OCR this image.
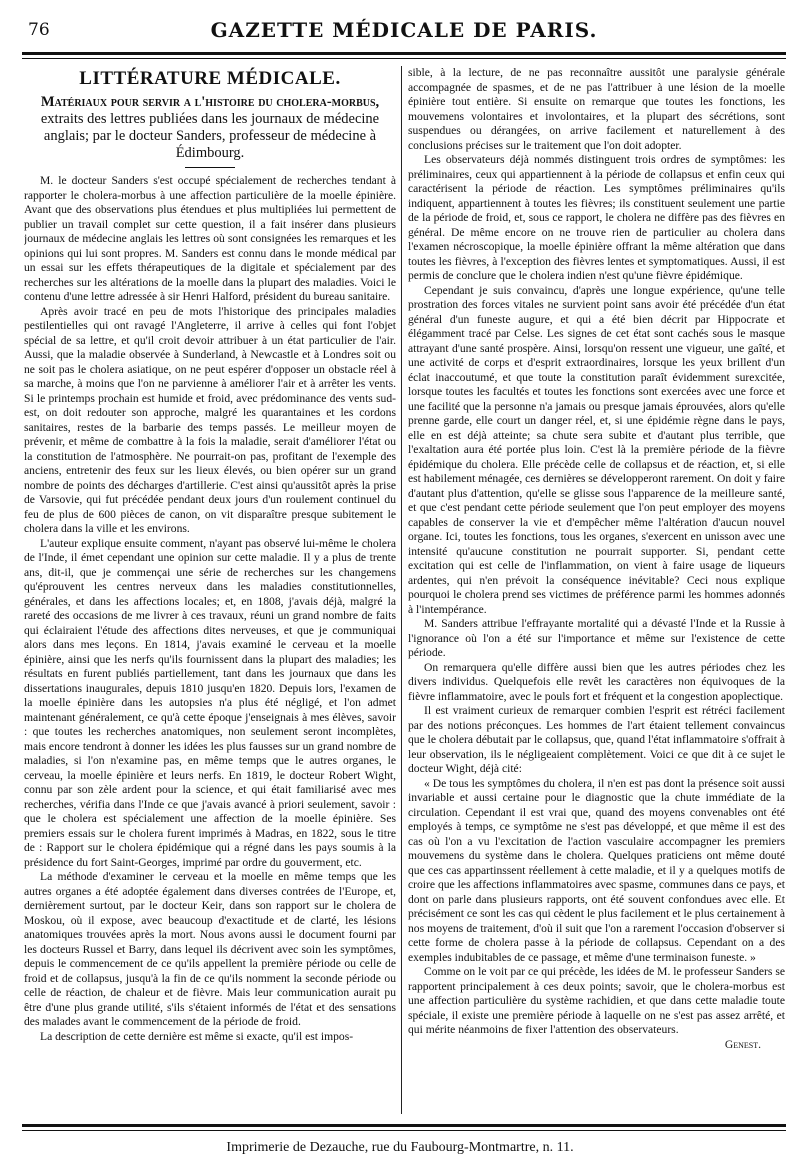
76	GAZETTE MÉDICALE DE PARIS.
LITTÉRATURE MÉDICALE.
Matériaux pour servir a l'histoire du cholera-morbus, extraits des lettres publiées dans les journaux de médecine anglais; par le docteur Sanders, professeur de médecine à Édimbourg.

M. le docteur Sanders s'est occupé spécialement de recherches tendant à rapporter le cholera-morbus à une affection particulière de la moelle épinière. Avant que des observations plus étendues et plus multipliées lui permettent de publier un travail complet sur cette question, il a fait insérer dans plusieurs journaux de médecine anglais les lettres où sont consignées les remarques et les opinions qui lui sont propres. M. Sanders est connu dans le monde médical par un essai sur les effets thérapeutiques de la digitale et spécialement par des recherches sur les altérations de la moelle dans la plupart des maladies. Voici le contenu d'une lettre adressée à sir Henri Halford, président du bureau sanitaire.

Après avoir tracé en peu de mots l'historique des principales maladies pestilentielles qui ont ravagé l'Angleterre, il arrive à celles qui font l'objet spécial de sa lettre, et qu'il croit devoir attribuer à un état particulier de l'air. Aussi, que la maladie observée à Sunderland, à Newcastle et à Londres soit ou ne soit pas le cholera asiatique, on ne peut espérer d'opposer un obstacle réel à sa marche, à moins que l'on ne parvienne à améliorer l'air et à arrêter les vents. Si le printemps prochain est humide et froid, avec prédominance des vents sud-est, on doit redouter son approche, malgré les quarantaines et les cordons sanitaires, restes de la barbarie des temps passés. Le meilleur moyen de prévenir, et même de combattre à la fois la maladie, serait d'améliorer l'état ou la constitution de l'atmosphère. Ne pourrait-on pas, profitant de l'exemple des anciens, entretenir des feux sur les lieux élevés, ou bien opérer sur un grand nombre de points des décharges d'artillerie. C'est ainsi qu'aussitôt après la prise de Varsovie, qui fut précédée pendant deux jours d'un roulement continuel du feu de plus de 600 pièces de canon, on vit disparaître presque subitement le cholera dans la ville et les environs.

L'auteur explique ensuite comment, n'ayant pas observé lui-même le cholera de l'Inde, il émet cependant une opinion sur cette maladie. Il y a plus de trente ans, dit-il, que je commençai une série de recherches sur les changemens qu'éprouvent les centres nerveux dans les maladies constitutionnelles, générales, et dans les affections locales; et, en 1808, j'avais déjà, malgré la rareté des occasions de me livrer à ces travaux, réuni un grand nombre de faits qui éclairaient l'étude des affections dites nerveuses, et que je communiquai alors dans mes leçons. En 1814, j'avais examiné le cerveau et la moelle épinière, ainsi que les nerfs qu'ils fournissent dans la plupart des maladies; les résultats en furent publiés partiellement, tant dans les journaux que dans les dissertations inaugurales, depuis 1810 jusqu'en 1820. Depuis lors, l'examen de la moelle épinière dans les autopsies n'a plus été négligé, et l'on admet maintenant généralement, ce qu'à cette époque j'enseignais à mes élèves, savoir : que toutes les recherches anatomiques, non seulement seront incomplètes, mais encore tendront à donner les idées les plus fausses sur un grand nombre de maladies, si l'on n'examine pas, en même temps que le autres organes, le cerveau, la moelle épinière et leurs nerfs. En 1819, le docteur Robert Wight, connu par son zèle ardent pour la science, et qui était familiarisé avec mes recherches, vérifia dans l'Inde ce que j'avais avancé à priori seulement, savoir : que le cholera est spécialement une affection de la moelle épinière. Ses premiers essais sur le cholera furent imprimés à Madras, en 1822, sous le titre de : Rapport sur le cholera épidémique qui a régné dans les pays soumis à la présidence du fort Saint-Georges, imprimé par ordre du gouverment, etc.

La méthode d'examiner le cerveau et la moelle en même temps que les autres organes a été adoptée également dans diverses contrées de l'Europe, et, dernièrement surtout, par le docteur Keir, dans son rapport sur le cholera de Moskou, où il expose, avec beaucoup d'exactitude et de clarté, les lésions anatomiques trouvées après la mort. Nous avons aussi le document fourni par les docteurs Russel et Barry, dans lequel ils décrivent avec soin les symptômes, depuis le commencement de ce qu'ils appellent la première période ou celle de froid et de collapsus, jusqu'à la fin de ce qu'ils nomment la seconde période ou celle de réaction, de chaleur et de fièvre. Mais leur communication aurait pu être d'une plus grande utilité, s'ils s'étaient informés de l'état et des sensations des malades avant le commencement de la période de froid.

La description de cette dernière est même si exacte, qu'il est impos-

sible, à la lecture, de ne pas reconnaître aussitôt une paralysie générale accompagnée de spasmes, et de ne pas l'attribuer à une lésion de la moelle épinière tout entière. Si ensuite on remarque que toutes les fonctions, les mouvemens volontaires et involontaires, et la plupart des sécrétions, sont suspendues ou dérangées, on arrive facilement et naturellement à des conclusions précises sur le traitement que l'on doit adopter.

Les observateurs déjà nommés distinguent trois ordres de symptômes: les préliminaires, ceux qui appartiennent à la période de collapsus et enfin ceux qui caractérisent la période de réaction. Les symptômes préliminaires qu'ils indiquent, appartiennent à toutes les fièvres; ils constituent seulement une partie de la période de froid, et, sous ce rapport, le cholera ne diffère pas des fièvres en général. De même encore on ne trouve rien de particulier au cholera dans l'examen nécroscopique, la moelle épinière offrant la même altération que dans toutes les fièvres, à l'exception des fièvres lentes et symptomatiques. Aussi, il est permis de conclure que le cholera indien n'est qu'une fièvre épidémique.

Cependant je suis convaincu, d'après une longue expérience, qu'une telle prostration des forces vitales ne survient point sans avoir été précédée d'un état général d'un funeste augure, et qui a été bien décrit par Hippocrate et élégamment tracé par Celse. Les signes de cet état sont cachés sous le masque attrayant d'une santé prospère. Ainsi, lorsqu'on ressent une vigueur, une gaîté, et une activité de corps et d'esprit extraordinaires, lorsque les yeux brillent d'un éclat inaccoutumé, et que toute la constitution paraît évidemment surexcitée, lorsque toutes les facultés et toutes les fonctions sont exercées avec une force et une facilité que la personne n'a jamais ou presque jamais éprouvées, alors qu'elle prenne garde, elle court un danger réel, et, si une épidémie règne dans le pays, elle en est déjà atteinte; sa chute sera subite et d'autant plus terrible, que l'exaltation aura été portée plus loin. C'est là la première période de la fièvre épidémique du cholera. Elle précède celle de collapsus et de réaction, et, si elle est habilement ménagée, ces dernières se développeront rarement. On doit y faire d'autant plus d'attention, qu'elle se glisse sous l'apparence de la meilleure santé, et que c'est pendant cette période seulement que l'on peut employer des moyens capables de conserver la vie et d'empêcher même l'altération d'aucun nouvel organe. Ici, toutes les fonctions, tous les organes, s'exercent en unisson avec une intensité qu'aucune constitution ne pourrait supporter. Si, pendant cette excitation qui est celle de l'inflammation, on vient à faire usage de liqueurs ardentes, qui n'en prévoit la conséquence inévitable? Ceci nous explique pourquoi le cholera prend ses victimes de préférence parmi les hommes adonnés à l'intempérance.

M. Sanders attribue l'effrayante mortalité qui a dévasté l'Inde et la Russie à l'ignorance où l'on a été sur l'importance et même sur l'existence de cette période.

On remarquera qu'elle diffère aussi bien que les autres périodes chez les divers individus. Quelquefois elle revêt les caractères non équivoques de la fièvre inflammatoire, avec le pouls fort et fréquent et la congestion apoplectique.

Il est vraiment curieux de remarquer combien l'esprit est rétréci facilement par des notions préconçues. Les hommes de l'art étaient tellement convaincus que le cholera débutait par le collapsus, que, quand l'état inflammatoire s'offrait à leur observation, ils le négligeaient complètement. Voici ce que dit à ce sujet le docteur Wight, déjà cité:

« De tous les symptômes du cholera, il n'en est pas dont la présence soit aussi invariable et aussi certaine pour le diagnostic que la chute immédiate de la circulation. Cependant il est vrai que, quand des moyens convenables ont été employés à temps, ce symptôme ne s'est pas développé, et que même il est des cas où l'on a vu l'excitation de l'action vasculaire accompagner les premiers mouvemens du système dans le cholera. Quelques praticiens ont même douté que ces cas appartinssent réellement à cette maladie, et il y a quelques motifs de croire que les affections inflammatoires avec spasme, communes dans ce pays, et dont on parle dans plusieurs rapports, ont été souvent confondues avec elle. Et précisément ce sont les cas qui cèdent le plus facilement et le plus certainement à nos moyens de traitement, d'où il suit que l'on a rarement l'occasion d'observer si cette forme de cholera passe à la période de collapsus. Cependant on a des exemples indubitables de ce passage, et même d'une terminaison funeste. »

Comme on le voit par ce qui précède, les idées de M. le professeur Sanders se rapportent principalement à ces deux points; savoir, que le cholera-morbus est une affection particulière du système rachidien, et que dans cette maladie toute spéciale, il existe une première période à laquelle on ne s'est pas assez arrêté, et qui mérite néanmoins de fixer l'attention des observateurs.

Genest.
Imprimerie de Dezauche, rue du Faubourg-Montmartre, n. 11.
